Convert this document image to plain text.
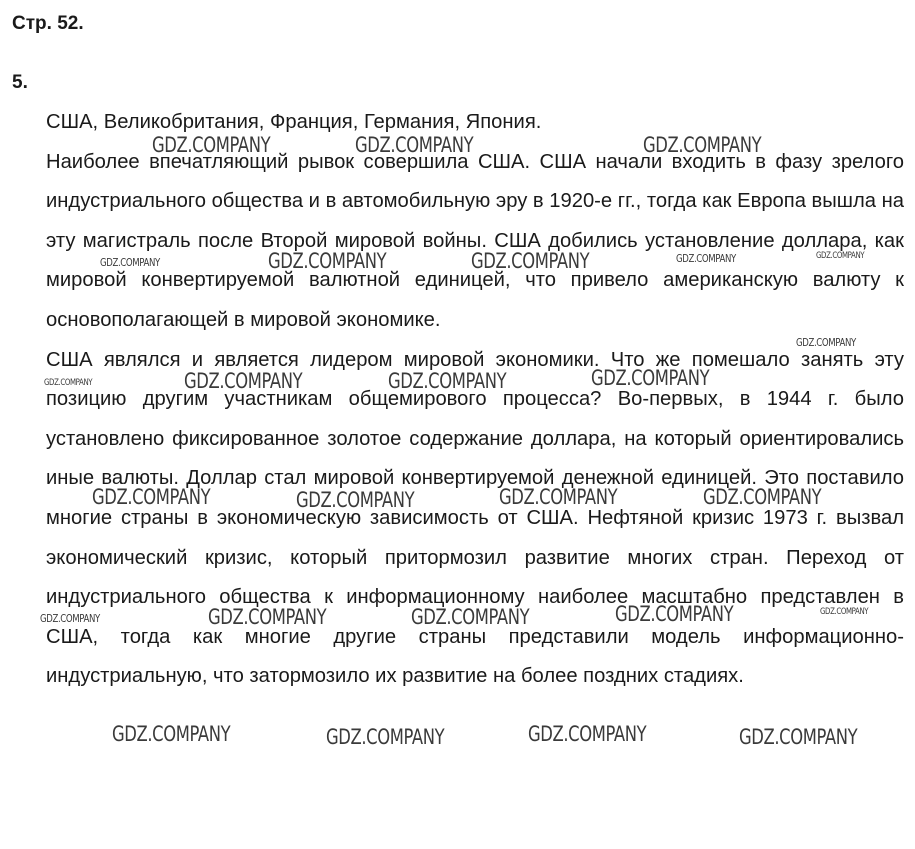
Стр. 52.
5.

США, Великобритания, Франция, Германия, Япония.

Наиболее впечатляющий рывок совершила США. США начали входить в фазу зрелого индустриального общества и в автомобильную эру в 1920-е гг., тогда как Европа вышла на эту магистраль после Второй мировой войны. США добились установление доллара, как мировой конвертируемой валютной единицей, что привело американскую валюту к основополагающей в мировой экономике.

США являлся и является лидером мировой экономики. Что же помешало занять эту позицию другим участникам общемирового процесса? Во-первых, в 1944 г. было установлено фиксированное золотое содержание доллара, на который ориентировались иные валюты. Доллар стал мировой конвертируемой денежной единицей. Это поставило многие страны в экономическую зависимость от США. Нефтяной кризис 1973 г. вызвал экономический кризис, который притормозил развитие многих стран. Переход от индустриального общества к информационному наиболее масштабно представлен в США, тогда как многие другие страны представили модель информационно-индустриальную, что затормозило их развитие на более поздних стадиях.

GDZ.COMPANY	GDZ.COMPANY	GDZ.COMPANY
GDZ.COMPANY	GDZ.COMPANY	GDZ.COMPANY	GDZ.COMPANY	GDZ.COMPANY
GDZ.COMPANY
GDZ.COMPANY	GDZ.COMPANY	GDZ.COMPANY	GDZ.COMPANY
GDZ.COMPANY	GDZ.COMPANY	GDZ.COMPANY	GDZ.COMPANY
GDZ.COMPANY	GDZ.COMPANY	GDZ.COMPANY	GDZ.COMPANY	GDZ.COMPANY
GDZ.COMPANY	GDZ.COMPANY	GDZ.COMPANY	GDZ.COMPANY
